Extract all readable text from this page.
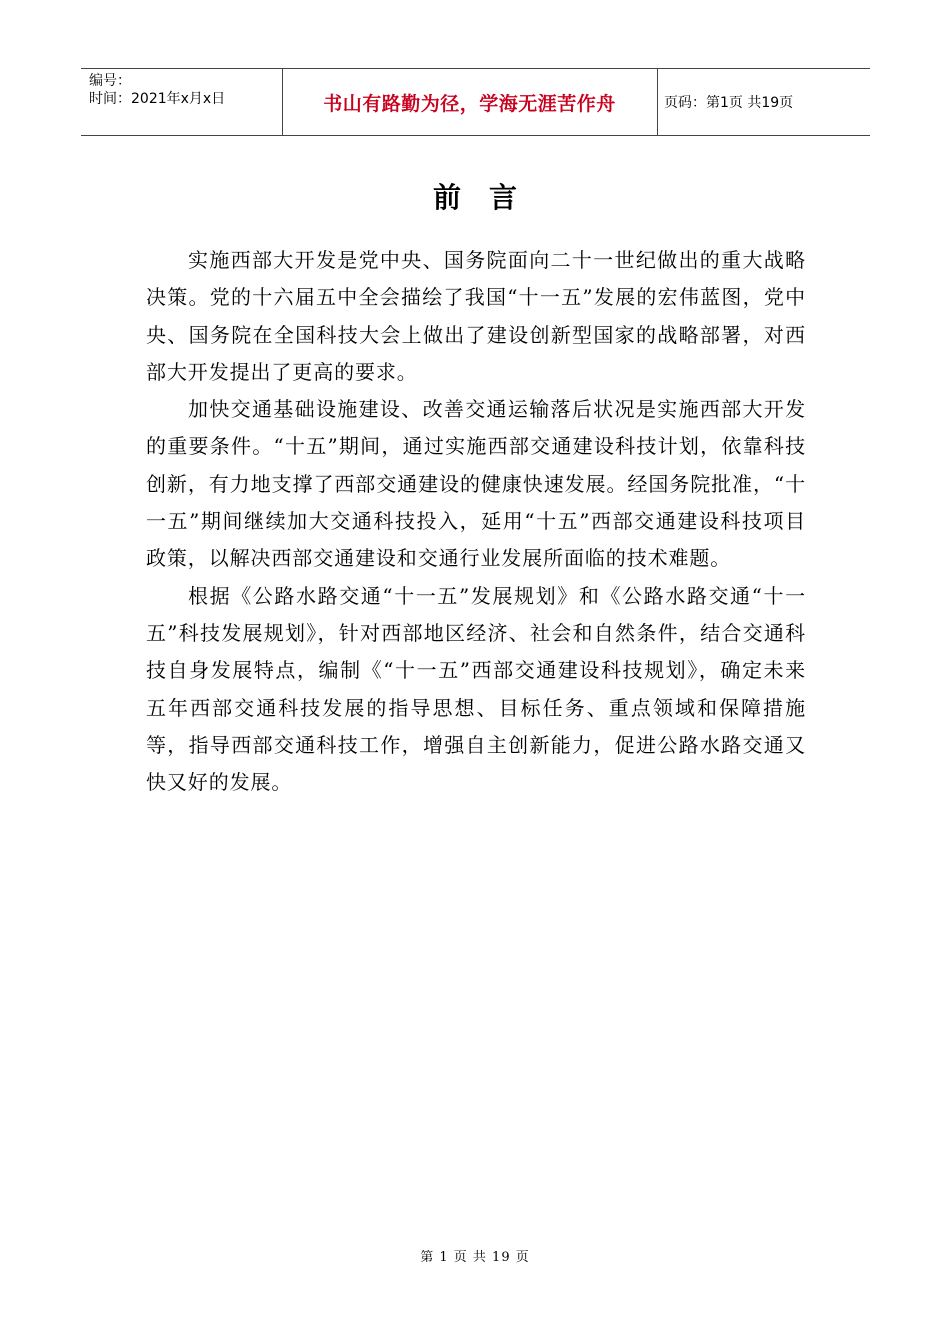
编号：
时间：2021年x月x日	书山有路勤为径，学海无涯苦作舟	页码：第1页 共19页
前言

实施西部大开发是党中央、国务院面向二十一世纪做出的重大战略决策。党的十六届五中全会描绘了我国“十一五”发展的宏伟蓝图，党中央、国务院在全国科技大会上做出了建设创新型国家的战略部署，对西部大开发提出了更高的要求。

加快交通基础设施建设、改善交通运输落后状况是实施西部大开发的重要条件。“十五”期间，通过实施西部交通建设科技计划，依靠科技创新，有力地支撑了西部交通建设的健康快速发展。经国务院批准，“十一五”期间继续加大交通科技投入，延用“十五”西部交通建设科技项目政策，以解决西部交通建设和交通行业发展所面临的技术难题。

根据《公路水路交通“十一五”发展规划》和《公路水路交通“十一五”科技发展规划》，针对西部地区经济、社会和自然条件，结合交通科技自身发展特点，编制《“十一五”西部交通建设科技规划》，确定未来五年西部交通科技发展的指导思想、目标任务、重点领域和保障措施等，指导西部交通科技工作，增强自主创新能力，促进公路水路交通又快又好的发展。

第 1 页 共 19 页
